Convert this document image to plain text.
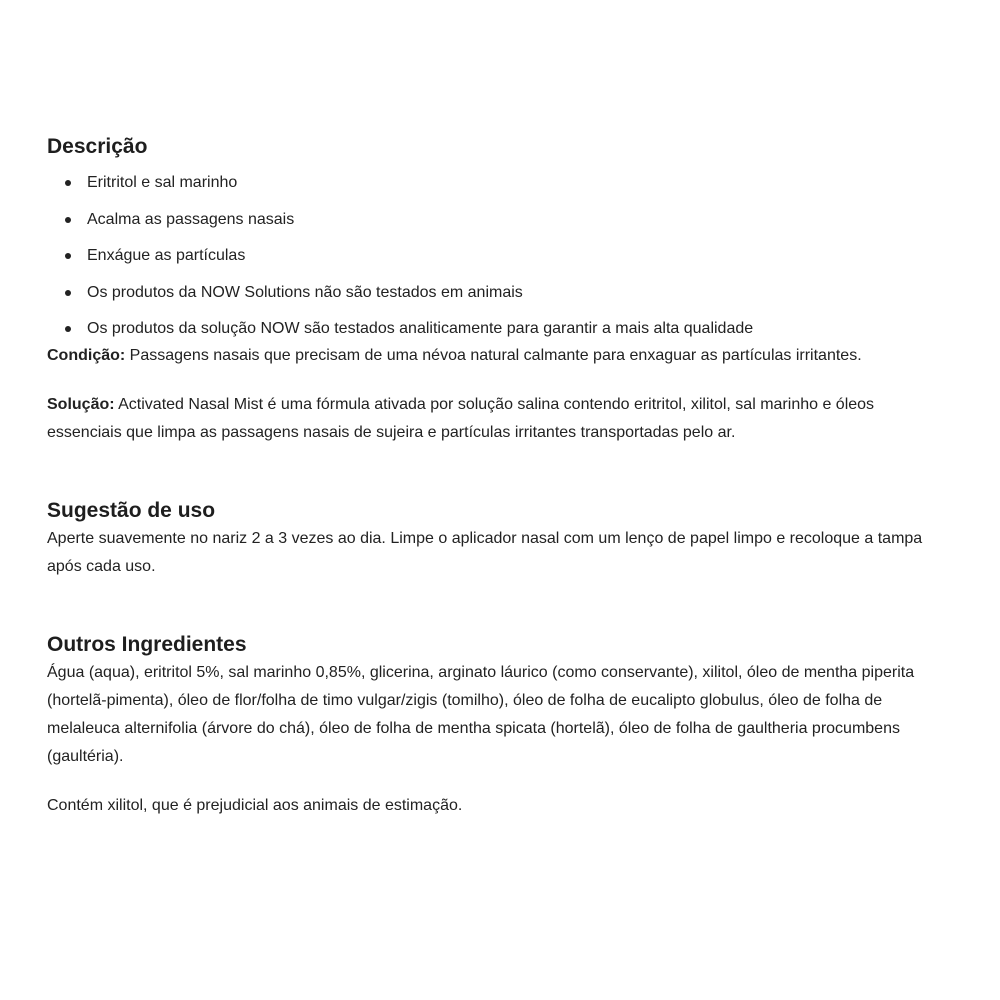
Descrição
Eritritol e sal marinho
Acalma as passagens nasais
Enxágue as partículas
Os produtos da NOW Solutions não são testados em animais
Os produtos da solução NOW são testados analiticamente para garantir a mais alta qualidade

Condição: Passagens nasais que precisam de uma névoa natural calmante para enxaguar as partículas irritantes.

Solução: Activated Nasal Mist é uma fórmula ativada por solução salina contendo eritritol, xilitol, sal marinho e óleos essenciais que limpa as passagens nasais de sujeira e partículas irritantes transportadas pelo ar.

Sugestão de uso

Aperte suavemente no nariz 2 a 3 vezes ao dia. Limpe o aplicador nasal com um lenço de papel limpo e recoloque a tampa após cada uso.

Outros Ingredientes

Água (aqua), eritritol 5%, sal marinho 0,85%, glicerina, arginato láurico (como conservante), xilitol, óleo de mentha piperita (hortelã-pimenta), óleo de flor/folha de timo vulgar/zigis (tomilho), óleo de folha de eucalipto globulus, óleo de folha de melaleuca alternifolia (árvore do chá), óleo de folha de mentha spicata (hortelã), óleo de folha de gaultheria procumbens (gaultéria).

Contém xilitol, que é prejudicial aos animais de estimação.
